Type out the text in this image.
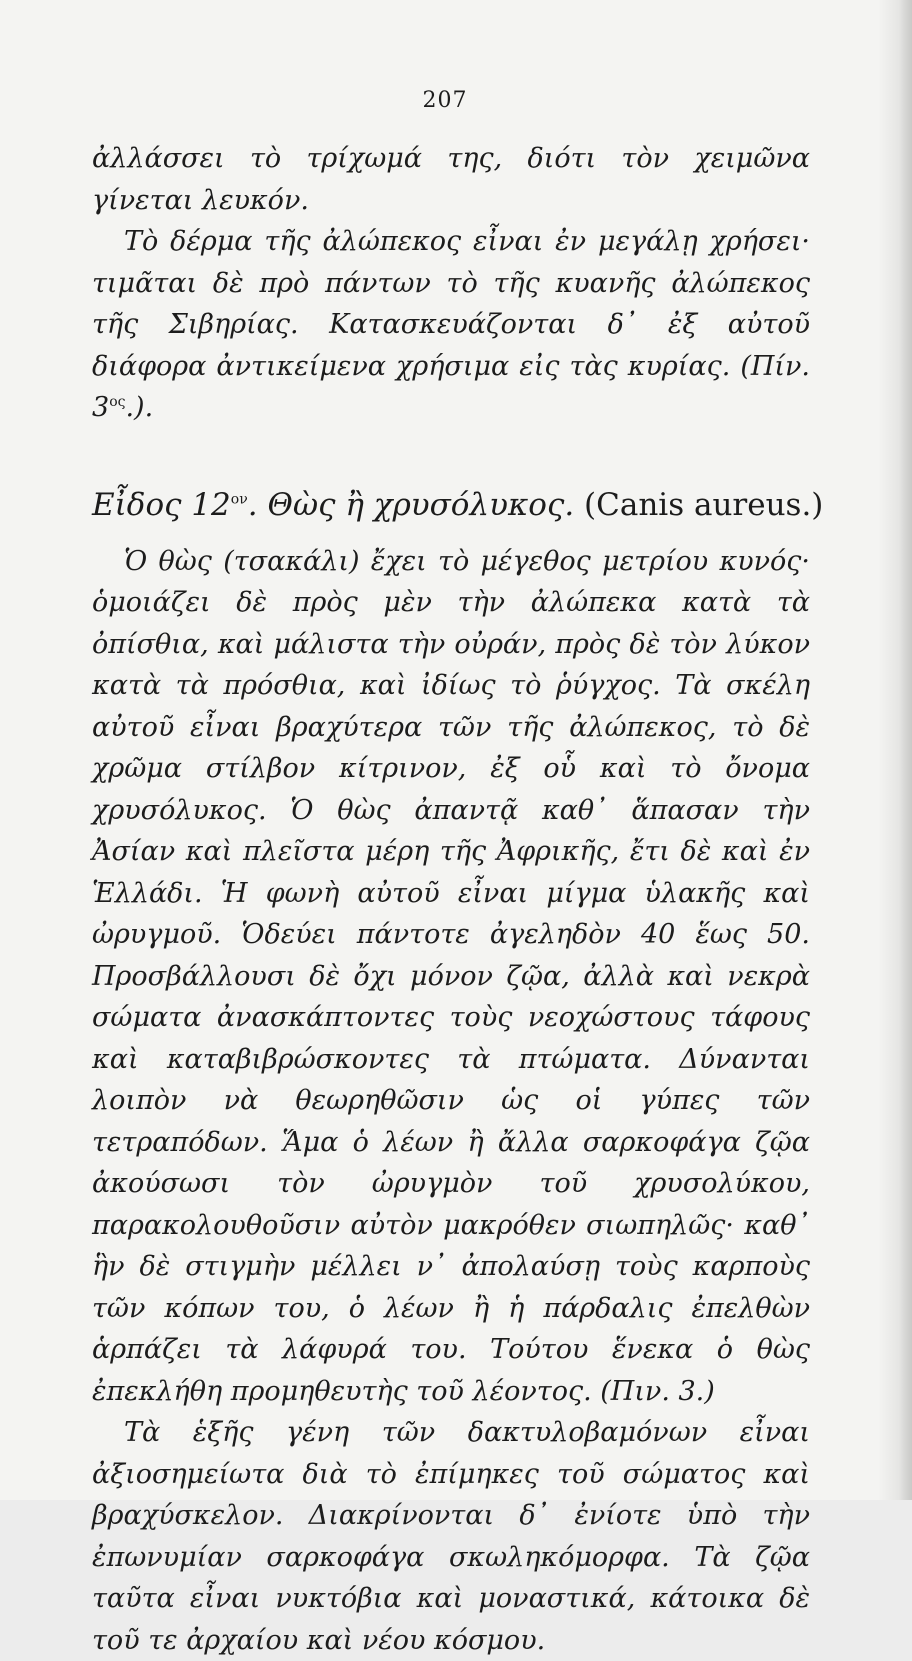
207

ἀλλάσσει τὸ τρίχωμά της, διότι τὸν χειμῶνα γίνεται λευκόν.

Τὸ δέρμα τῆς ἀλώπεκος εἶναι ἐν μεγάλῃ χρήσει· τιμᾶται δὲ πρὸ πάντων τὸ τῆς κυανῆς ἀλώπεκος τῆς Σιβηρίας. Κατασκευάζονται δ᾽ ἐξ αὐτοῦ διάφορα ἀντικείμενα χρήσιμα εἰς τὰς κυρίας. (Πίν. $3^{o\varsigma}$.).

Εἶδος $12^{o\nu}$. Θὼς ἢ χρυσόλυκος. (Canis aureus.)

Ὁ θὼς (τσακάλι) ἔχει τὸ μέγεθος μετρίου κυνός· ὁμοιάζει δὲ πρὸς μὲν τὴν ἀλώπεκα κατὰ τὰ ὀπίσθια, καὶ μάλιστα τὴν οὐράν, πρὸς δὲ τὸν λύκον κατὰ τὰ πρόσθια, καὶ ἰδίως τὸ ῥύγχος. Τὰ σκέλη αὐτοῦ εἶναι βραχύτερα τῶν τῆς ἀλώπεκος, τὸ δὲ χρῶμα στίλβον κίτρινον, ἐξ οὗ καὶ τὸ ὄνομα χρυσόλυκος. Ὁ θὼς ἀπαντᾷ καθ᾽ ἅπασαν τὴν Ἀσίαν καὶ πλεῖστα μέρη τῆς Ἀφρικῆς, ἔτι δὲ καὶ ἐν Ἑλλάδι. Ἡ φωνὴ αὐτοῦ εἶναι μίγμα ὑλακῆς καὶ ὠρυγμοῦ. Ὁδεύει πάντοτε ἀγεληδὸν 40 ἕως 50. Προσβάλλουσι δὲ ὄχι μόνον ζῷα, ἀλλὰ καὶ νεκρὰ σώματα ἀνασκάπτοντες τοὺς νεοχώστους τάφους καὶ καταβιβρώσκοντες τὰ πτώματα. Δύνανται λοιπὸν νὰ θεωρηθῶσιν ὡς οἱ γύπες τῶν τετραπόδων. Ἅμα ὁ λέων ἢ ἄλλα σαρκοφάγα ζῷα ἀκούσωσι τὸν ὠρυγμὸν τοῦ χρυσολύκου, παρακολουθοῦσιν αὐτὸν μακρόθεν σιωπηλῶς· καθ᾽ ἣν δὲ στιγμὴν μέλλει ν᾽ ἀπολαύσῃ τοὺς καρποὺς τῶν κόπων του, ὁ λέων ἢ ἡ πάρδαλις ἐπελθὼν ἁρπάζει τὰ λάφυρά του. Τούτου ἕνεκα ὁ θὼς ἐπεκλήθη προμηθευτὴς τοῦ λέοντος. (Πιν. 3.)

Τὰ ἑξῆς γένη τῶν δακτυλοβαμόνων εἶναι ἀξιοσημείωτα διὰ τὸ ἐπίμηκες τοῦ σώματος καὶ βραχύσκελον. Διακρίνονται δ᾽ ἐνίοτε ὑπὸ τὴν ἐπωνυμίαν σαρκοφάγα σκωληκόμορφα. Τὰ ζῷα ταῦτα εἶναι νυκτόβια καὶ μοναστικά, κάτοικα δὲ τοῦ τε ἀρχαίου καὶ νέου κόσμου.
